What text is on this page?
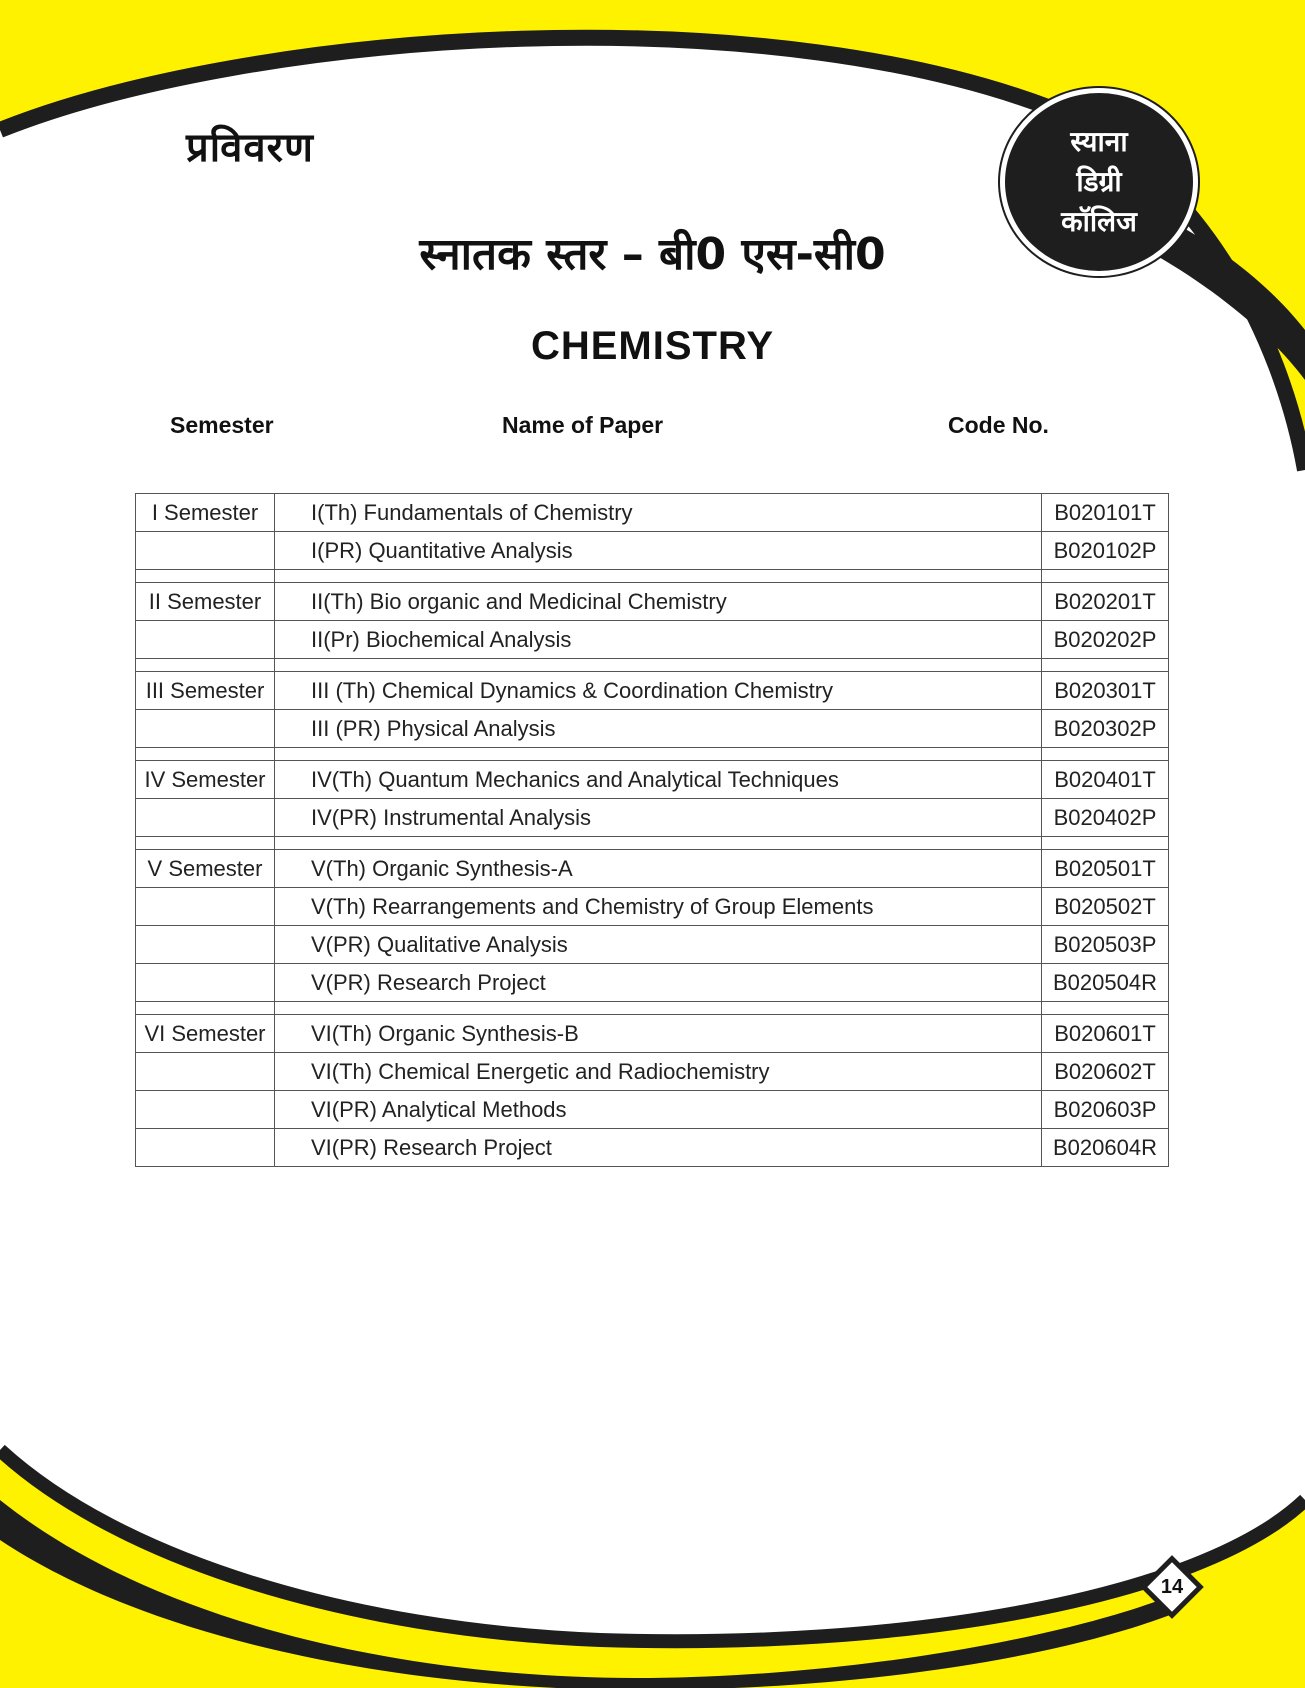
प्रविवरण	स्याना
डिग्री
कॉलिज
स्नातक स्तर – बी0 एस-सी0
CHEMISTRY
Semester	Name of Paper	Code No.
I Semester	I(Th) Fundamentals of Chemistry	B020101T
	I(PR) Quantitative Analysis	B020102P

II Semester	II(Th) Bio organic and Medicinal Chemistry	B020201T
	II(Pr) Biochemical Analysis	B020202P

III Semester	III (Th) Chemical Dynamics & Coordination Chemistry	B020301T
	III (PR) Physical Analysis	B020302P

IV Semester	IV(Th) Quantum Mechanics and Analytical Techniques	B020401T
	IV(PR) Instrumental Analysis	B020402P

V Semester	V(Th) Organic Synthesis-A	B020501T
	V(Th) Rearrangements and Chemistry of Group Elements	B020502T
	V(PR) Qualitative Analysis	B020503P
	V(PR) Research Project	B020504R

VI Semester	VI(Th) Organic Synthesis-B	B020601T
	VI(Th) Chemical Energetic and Radiochemistry	B020602T
	VI(PR) Analytical Methods	B020603P
	VI(PR) Research Project	B020604R
14
